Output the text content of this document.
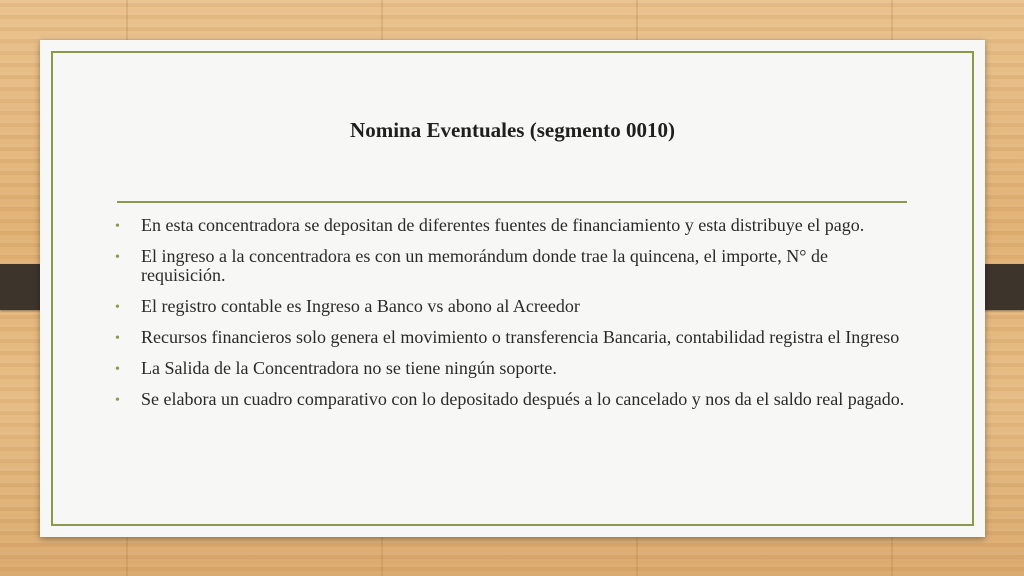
Nomina Eventuales (segmento 0010)
• En esta concentradora se depositan de diferentes fuentes de financiamiento y esta distribuye el pago.
• El ingreso a la concentradora es con un memorándum donde trae la quincena, el importe, N° de requisición.
• El registro contable es Ingreso a Banco vs abono al Acreedor
• Recursos financieros solo genera el movimiento o transferencia Bancaria, contabilidad registra el Ingreso
• La Salida de la Concentradora no se tiene ningún soporte.
• Se elabora un cuadro comparativo con lo depositado después a lo cancelado y nos da el saldo real pagado.
